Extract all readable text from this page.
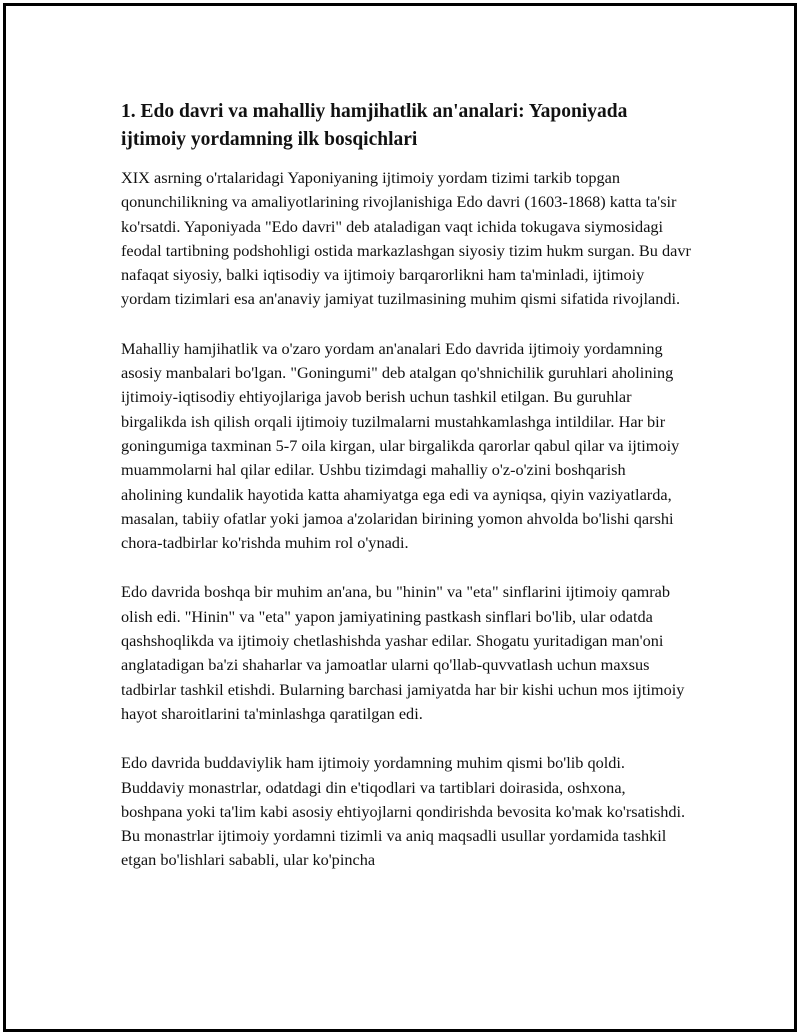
1. Edo davri va mahalliy hamjihatlik an'analari: Yaponiyada ijtimoiy yordamning ilk bosqichlari

XIX asrning o'rtalaridagi Yaponiyaning ijtimoiy yordam tizimi tarkib topgan qonunchilikning va amaliyotlarining rivojlanishiga Edo davri (1603-1868) katta ta'sir ko'rsatdi. Yaponiyada "Edo davri" deb ataladigan vaqt ichida tokugava siymosidagi feodal tartibning podshohligi ostida markazlashgan siyosiy tizim hukm surgan. Bu davr nafaqat siyosiy, balki iqtisodiy va ijtimoiy barqarorlikni ham ta'minladi, ijtimoiy yordam tizimlari esa an'anaviy jamiyat tuzilmasining muhim qismi sifatida rivojlandi.

Mahalliy hamjihatlik va o'zaro yordam an'analari Edo davrida ijtimoiy yordamning asosiy manbalari bo'lgan. "Goningumi" deb atalgan qo'shnichilik guruhlari aholining ijtimoiy-iqtisodiy ehtiyojlariga javob berish uchun tashkil etilgan. Bu guruhlar birgalikda ish qilish orqali ijtimoiy tuzilmalarni mustahkamlashga intildilar. Har bir goningumiga taxminan 5-7 oila kirgan, ular birgalikda qarorlar qabul qilar va ijtimoiy muammolarni hal qilar edilar. Ushbu tizimdagi mahalliy o'z-o'zini boshqarish aholining kundalik hayotida katta ahamiyatga ega edi va ayniqsa, qiyin vaziyatlarda, masalan, tabiiy ofatlar yoki jamoa a'zolaridan birining yomon ahvolda bo'lishi qarshi chora-tadbirlar ko'rishda muhim rol o'ynadi.

Edo davrida boshqa bir muhim an'ana, bu "hinin" va "eta" sinflarini ijtimoiy qamrab olish edi. "Hinin" va "eta" yapon jamiyatining pastkash sinflari bo'lib, ular odatda qashshoqlikda va ijtimoiy chetlashishda yashar edilar. Shogatu yuritadigan man'oni anglatadigan ba'zi shaharlar va jamoatlar ularni qo'llab-quvvatlash uchun maxsus tadbirlar tashkil etishdi. Bularning barchasi jamiyatda har bir kishi uchun mos ijtimoiy hayot sharoitlarini ta'minlashga qaratilgan edi.

Edo davrida buddaviylik ham ijtimoiy yordamning muhim qismi bo'lib qoldi. Buddaviy monastrlar, odatdagi din e'tiqodlari va tartiblari doirasida, oshxona, boshpana yoki ta'lim kabi asosiy ehtiyojlarni qondirishda bevosita ko'mak ko'rsatishdi. Bu monastrlar ijtimoiy yordamni tizimli va aniq maqsadli usullar yordamida tashkil etgan bo'lishlari sababli, ular ko'pincha
